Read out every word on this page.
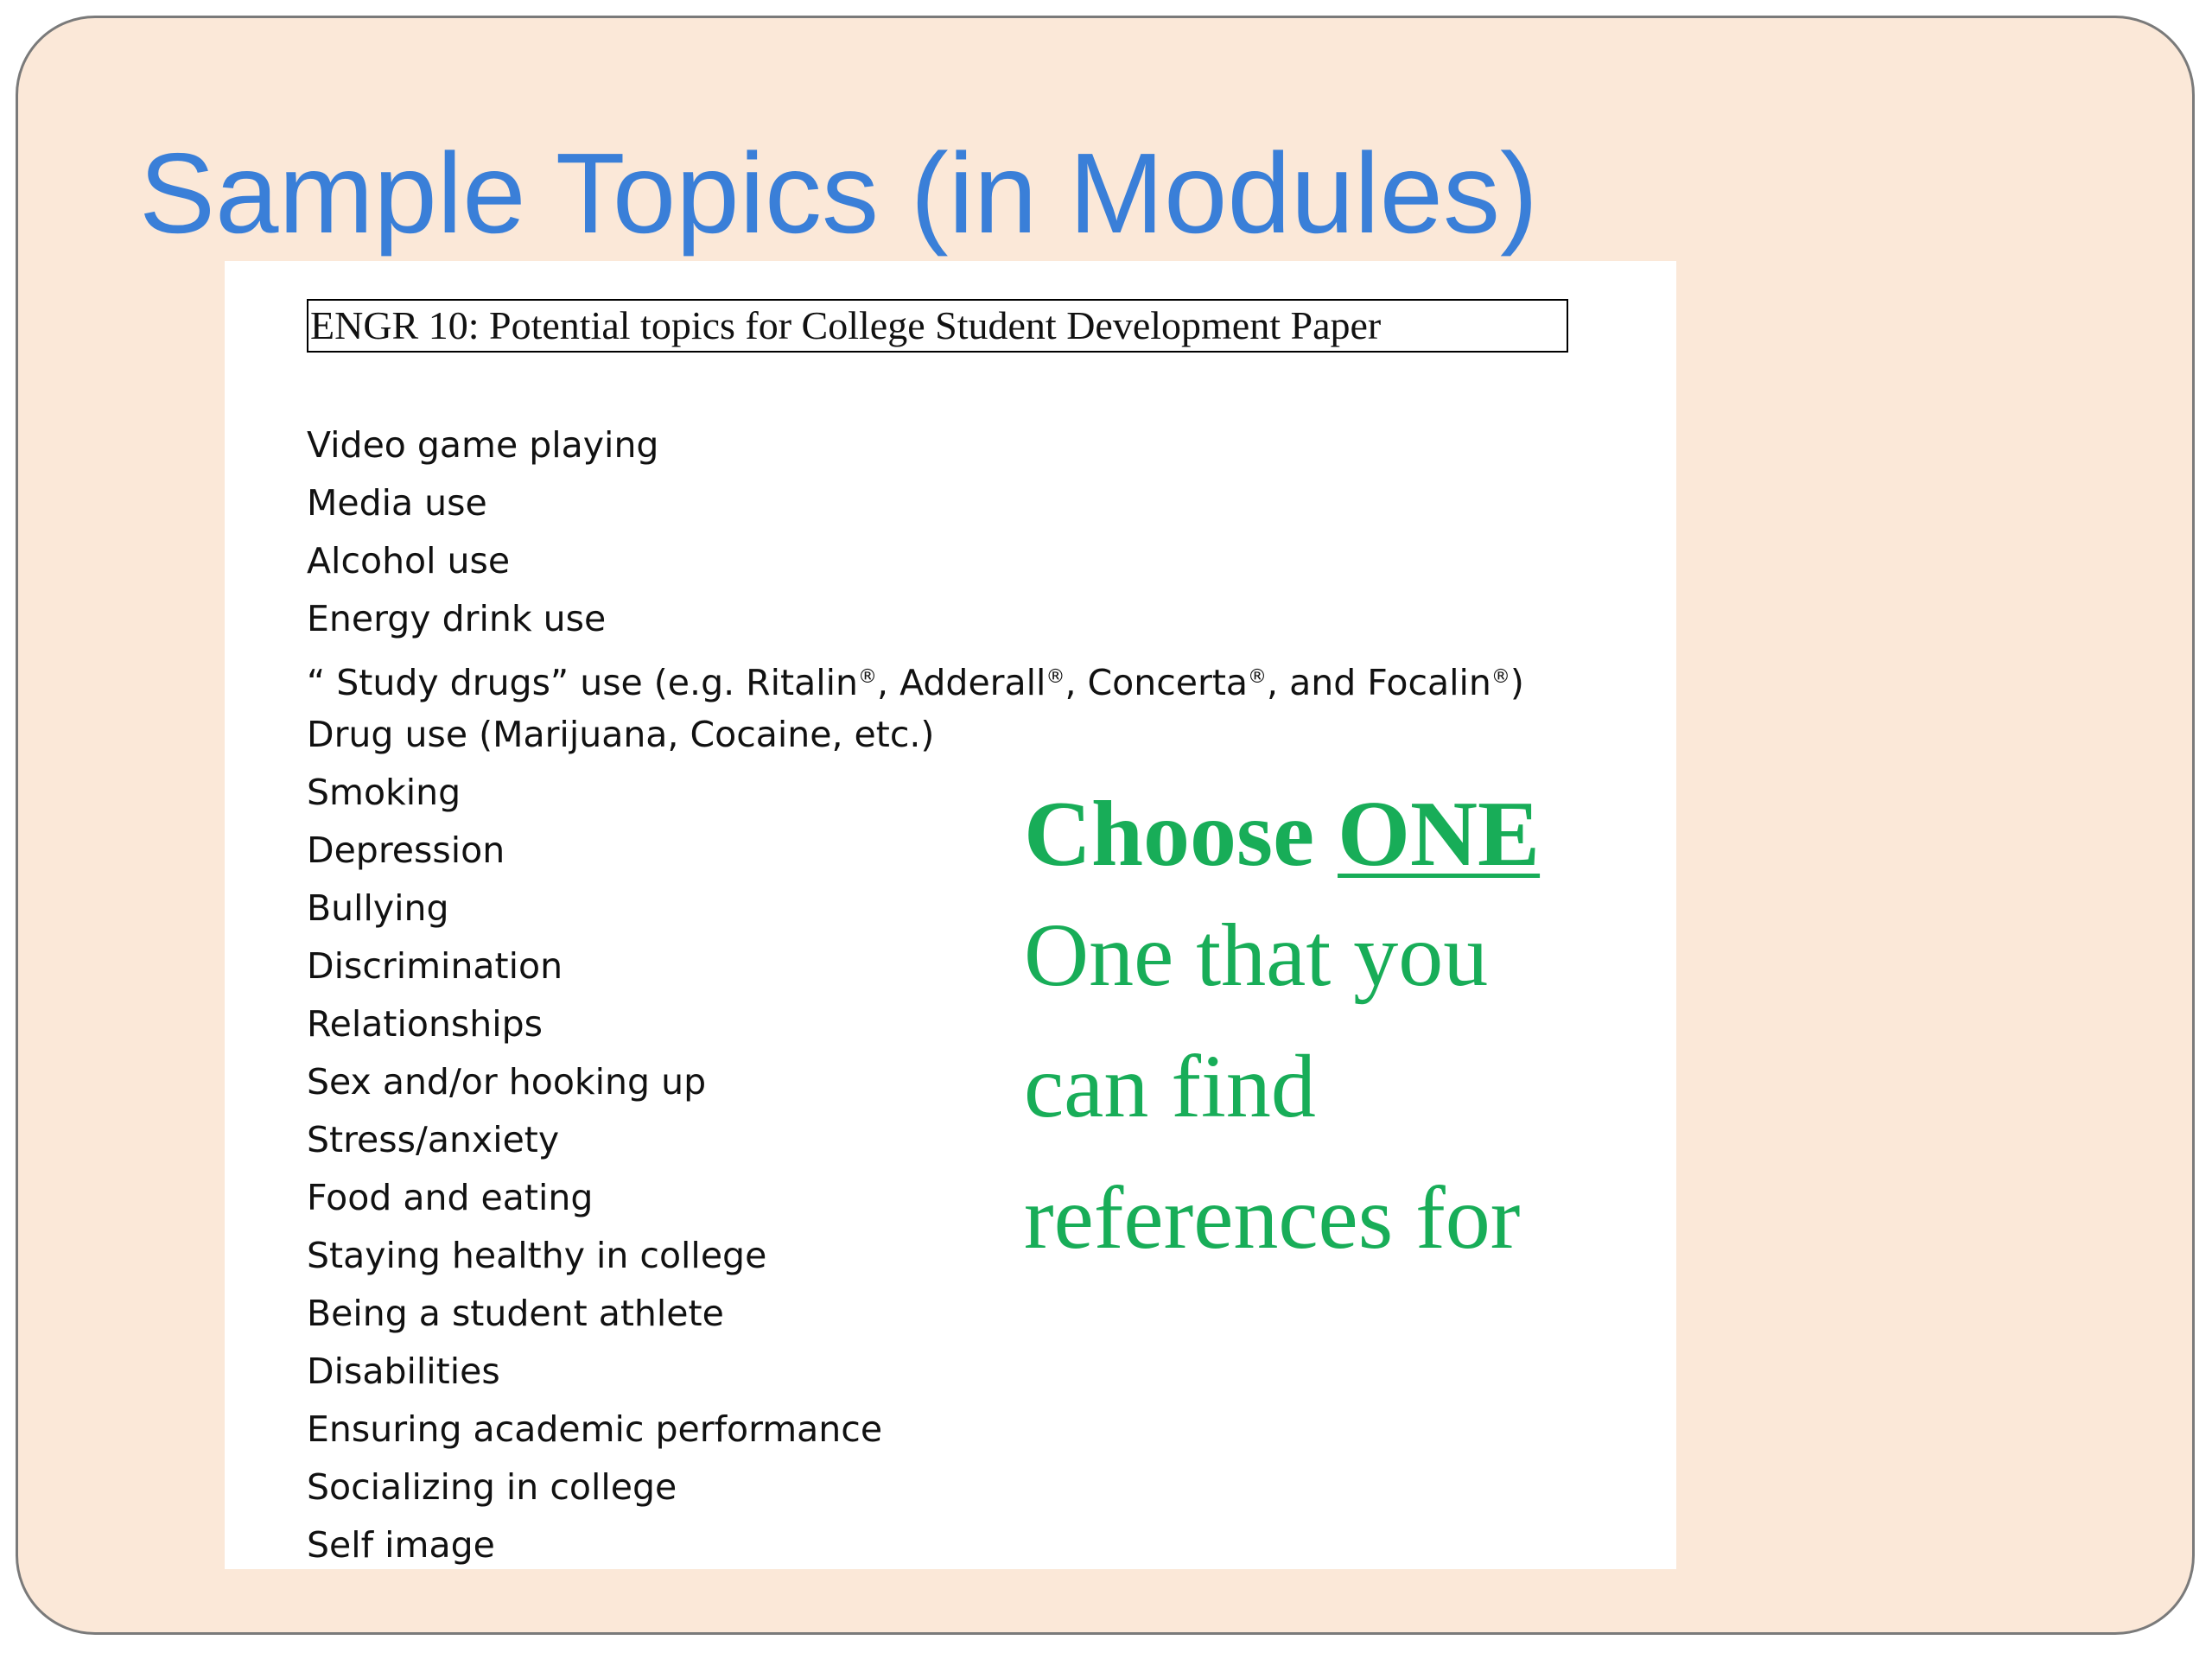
Sample Topics (in Modules)
ENGR 10: Potential topics for College Student Development Paper
Video game playing
Media use
Alcohol use
Energy drink use
“ Study drugs” use (e.g. Ritalin®, Adderall®, Concerta®, and Focalin®)
Drug use (Marijuana, Cocaine, etc.)
Smoking
Depression
Bullying
Discrimination
Relationships
Sex and/or hooking up
Stress/anxiety
Food and eating
Staying healthy in college
Being a student athlete
Disabilities
Ensuring academic performance
Socializing in college
Self image
Choose ONE
One that you
can find
references for
